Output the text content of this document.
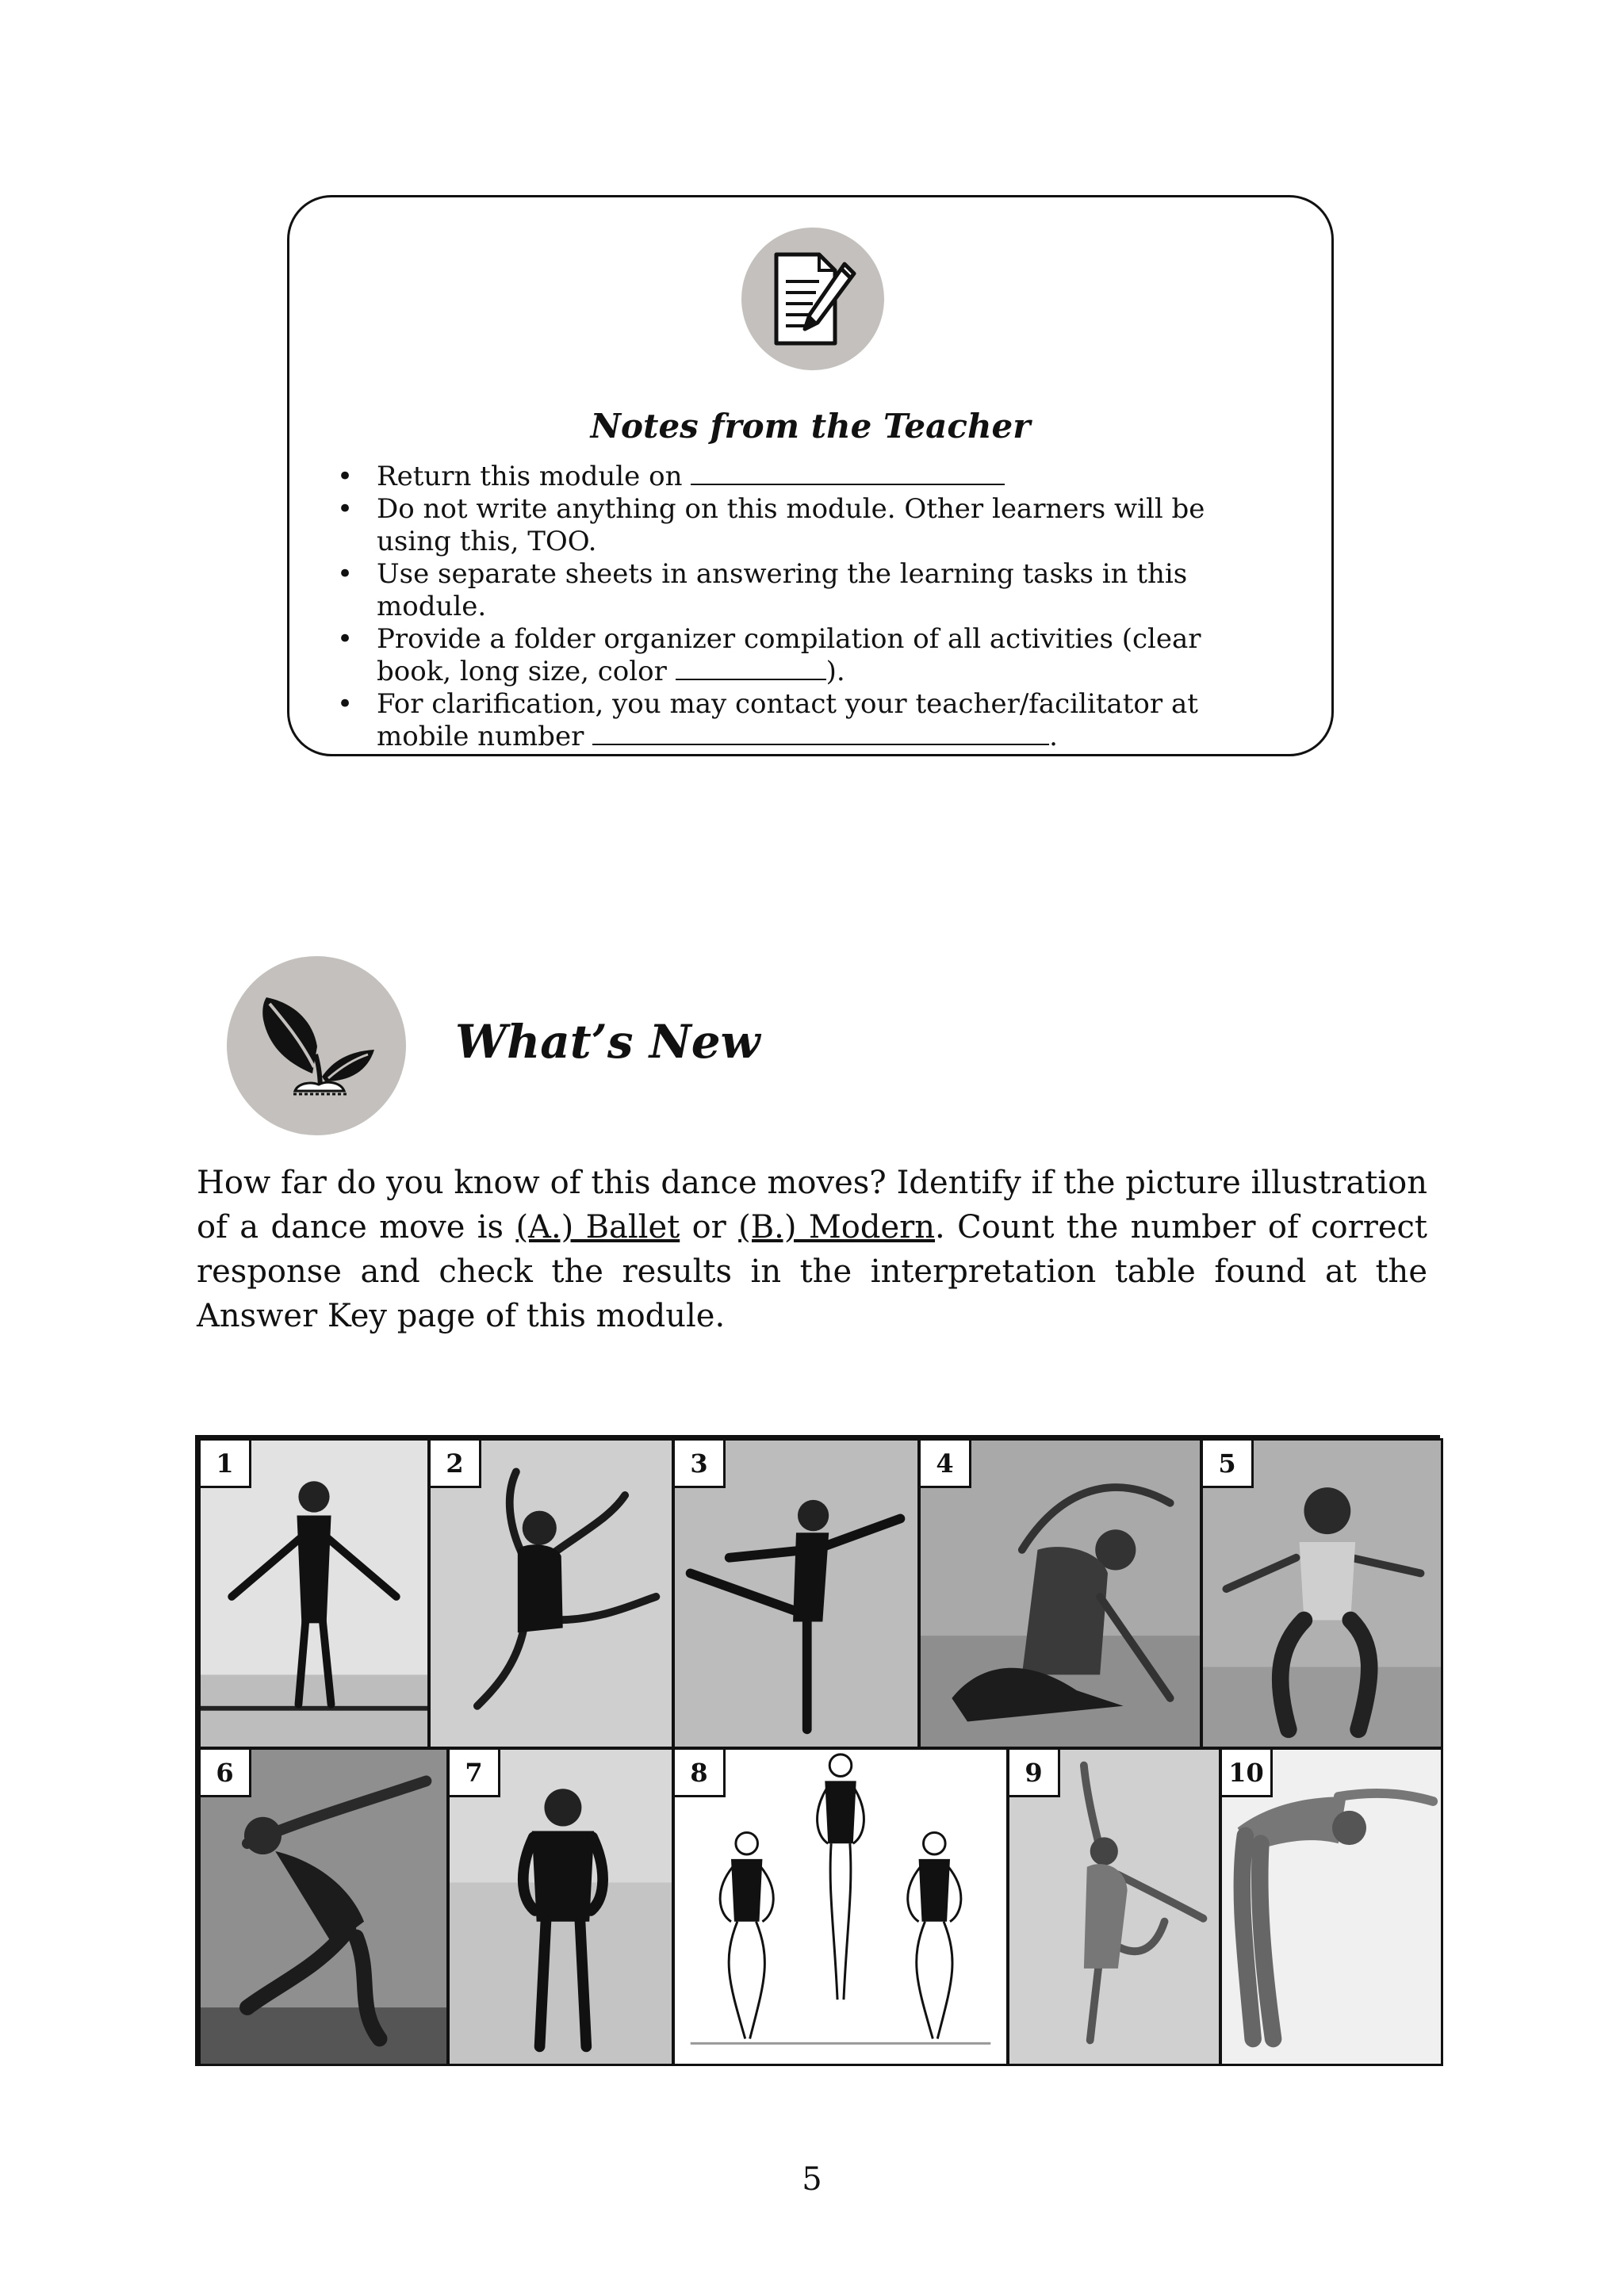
Notes from the Teacher
• Return this module on
• Do not write anything on this module. Other learners will be using this, TOO.
• Use separate sheets in answering the learning tasks in this module.
• Provide a folder organizer compilation of all activities (clear book, long size, color	).
• For clarification, you may contact your teacher/facilitator at mobile number	.
What’s New

How far do you know of this dance moves? Identify if the picture illustration of a dance move is (A.) Ballet or (B.) Modern. Count the number of correct response and check the results in the interpretation table found at the Answer Key page of this module.

1	2	3	4	5
6	7	8	9	10
5
